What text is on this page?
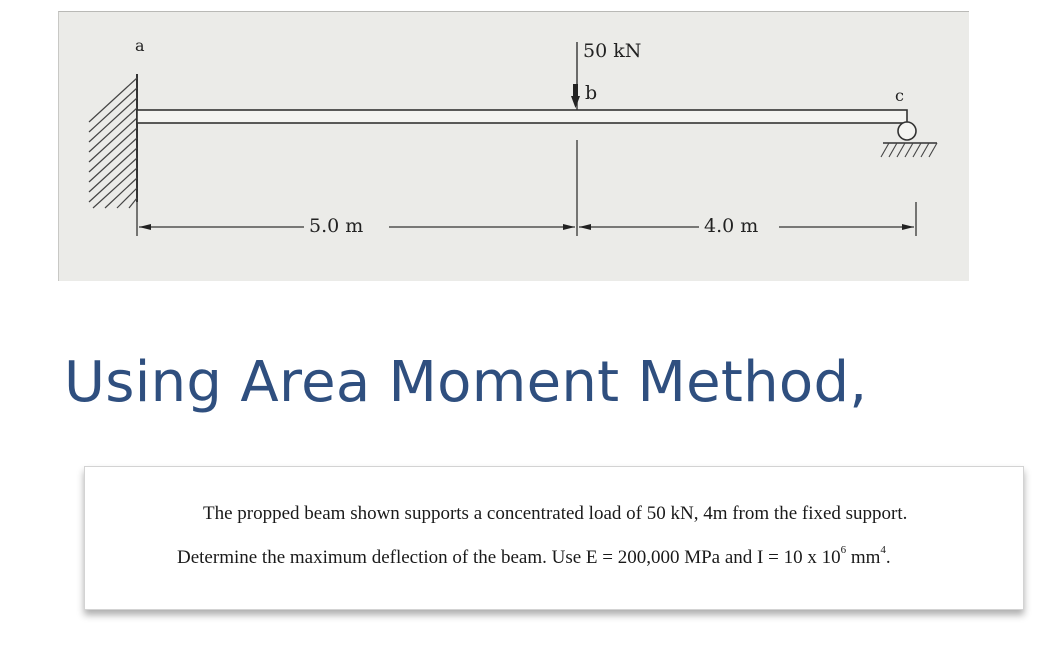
a	50 kN
b	c
5.0 m	4.0 m
Using Area Moment Method,

The propped beam shown supports a concentrated load of 50 kN, 4m from the fixed support.

Determine the maximum deflection of the beam. Use E = 200,000 MPa and I = 10 x $10^6$ $mm^4$.
